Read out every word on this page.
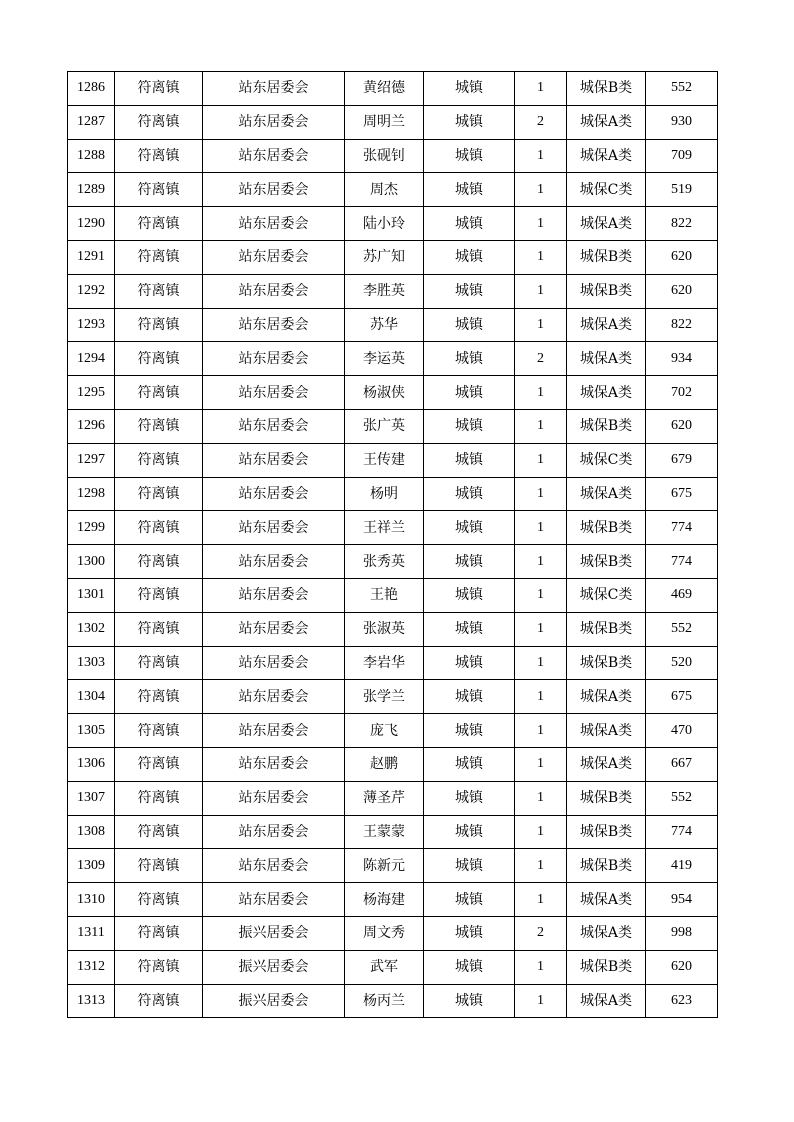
1286	符离镇	站东居委会	黄绍德	城镇	1	城保B类	552
1287	符离镇	站东居委会	周明兰	城镇	2	城保A类	930
1288	符离镇	站东居委会	张砚钊	城镇	1	城保A类	709
1289	符离镇	站东居委会	周杰	城镇	1	城保C类	519
1290	符离镇	站东居委会	陆小玲	城镇	1	城保A类	822
1291	符离镇	站东居委会	苏广知	城镇	1	城保B类	620
1292	符离镇	站东居委会	李胜英	城镇	1	城保B类	620
1293	符离镇	站东居委会	苏华	城镇	1	城保A类	822
1294	符离镇	站东居委会	李运英	城镇	2	城保A类	934
1295	符离镇	站东居委会	杨淑侠	城镇	1	城保A类	702
1296	符离镇	站东居委会	张广英	城镇	1	城保B类	620
1297	符离镇	站东居委会	王传建	城镇	1	城保C类	679
1298	符离镇	站东居委会	杨明	城镇	1	城保A类	675
1299	符离镇	站东居委会	王祥兰	城镇	1	城保B类	774
1300	符离镇	站东居委会	张秀英	城镇	1	城保B类	774
1301	符离镇	站东居委会	王艳	城镇	1	城保C类	469
1302	符离镇	站东居委会	张淑英	城镇	1	城保B类	552
1303	符离镇	站东居委会	李岩华	城镇	1	城保B类	520
1304	符离镇	站东居委会	张学兰	城镇	1	城保A类	675
1305	符离镇	站东居委会	庞飞	城镇	1	城保A类	470
1306	符离镇	站东居委会	赵鹏	城镇	1	城保A类	667
1307	符离镇	站东居委会	薄圣芹	城镇	1	城保B类	552
1308	符离镇	站东居委会	王蒙蒙	城镇	1	城保B类	774
1309	符离镇	站东居委会	陈新元	城镇	1	城保B类	419
1310	符离镇	站东居委会	杨海建	城镇	1	城保A类	954
1311	符离镇	振兴居委会	周文秀	城镇	2	城保A类	998
1312	符离镇	振兴居委会	武军	城镇	1	城保B类	620
1313	符离镇	振兴居委会	杨丙兰	城镇	1	城保A类	623
